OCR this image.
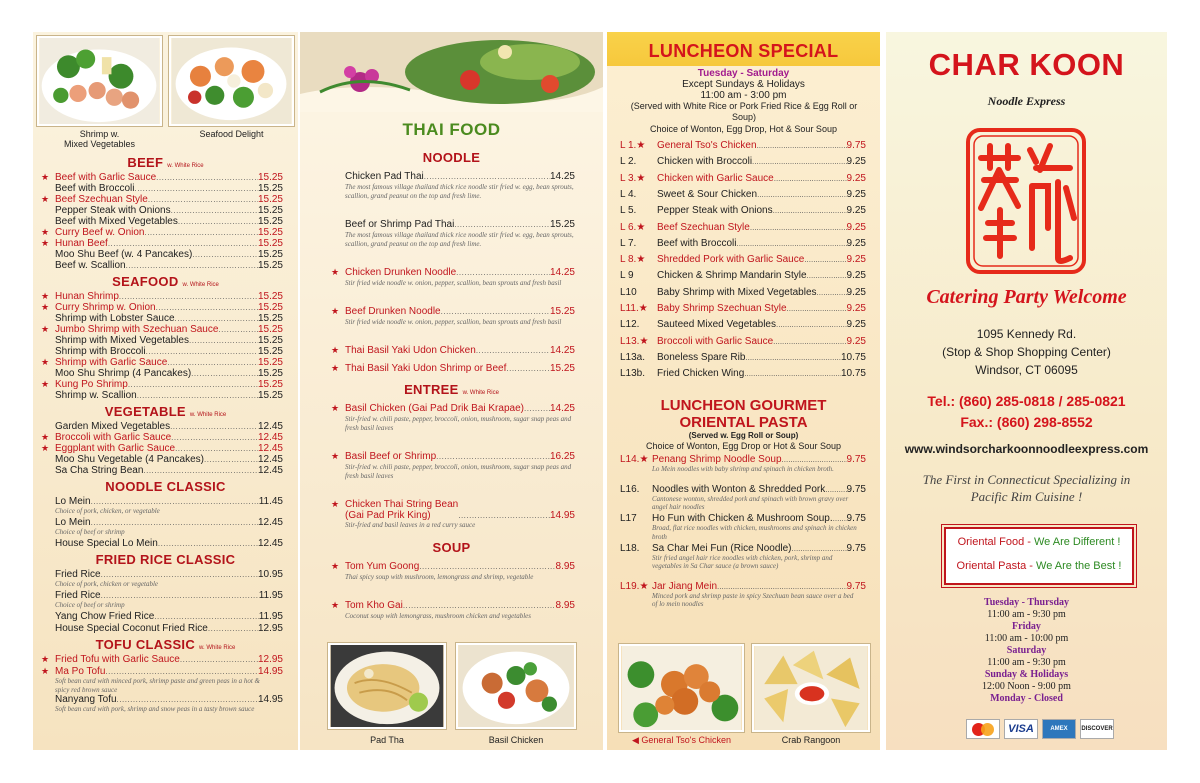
Shrimp w.
Mixed Vegetables
Seafood Delight
BEEF w. White Rice
★ Beef with Garlic Sauce .....	15.25
Beef with Broccoli .....	15.25
★ Beef Szechuan Style .....	15.25
Pepper Steak with Onions .....	15.25
Beef with Mixed Vegetables .....	15.25
★ Curry Beef w. Onion .....	15.25
★ Hunan Beef .....	15.25
Moo Shu Beef (w. 4 Pancakes) .....	15.25
Beef w. Scallion .....	15.25
SEAFOOD w. White Rice
★ Hunan Shrimp .....	15.25
★ Curry Shrimp w. Onion .....	15.25
Shrimp with Lobster Sauce .....	15.25
★ Jumbo Shrimp with Szechuan Sauce .....	15.25
Shrimp with Mixed Vegetables .....	15.25
Shrimp with Broccoli .....	15.25
★ Shrimp with Garlic Sauce .....	15.25
Moo Shu Shrimp (4 Pancakes) .....	15.25
★ Kung Po Shrimp .....	15.25
Shrimp w. Scallion .....	15.25
VEGETABLE w. White Rice
Garden Mixed Vegetables .....	12.45
★ Broccoli with Garlic Sauce .....	12.45
★ Eggplant with Garlic Sauce .....	12.45
Moo Shu Vegetable (4 Pancakes) .....	12.45
Sa Cha String Bean .....	12.45
NOODLE CLASSIC
Lo Mein .....	11.45
Choice of pork, chicken, or vegetable
Lo Mein .....	12.45
Choice of beef or shrimp
House Special Lo Mein .....	12.45
FRIED RICE CLASSIC
Fried Rice .....	10.95
Choice of pork, chicken or vegetable
Fried Rice .....	11.95
Choice of beef or shrimp
Yang Chow Fried Rice .....	11.95
House Special Coconut Fried Rice .....	12.95
TOFU CLASSIC w. White Rice
★ Fried Tofu with Garlic Sauce .....	12.95
★ Ma Po Tofu .....	14.95
Soft bean curd with minced pork, shrimp paste and green peas in a hot & spicy red brown sauce
Nanyang Tofu .....	14.95
Soft bean curd with pork, shrimp and snow peas in a tasty brown sauce
THAI FOOD
NOODLE
Chicken Pad Thai .....	14.25
The most famous village thailand thick rice noodle stir fried w. egg, bean sprouts, scallion, grand peanut on the top and fresh lime.
Beef or Shrimp Pad Thai .....	15.25
The most famous village thailand thick rice noodle stir fried w. egg, bean sprouts, scallion, grand peanut on the top and fresh lime.
★ Chicken Drunken Noodle .....	14.25
Stir fried wide noodle w. onion, pepper, scallion, bean sprouts and fresh basil
★ Beef Drunken Noodle .....	15.25
Stir fried wide noodle w. onion, pepper, scallion, bean sprouts and fresh basil
★ Thai Basil Yaki Udon Chicken .....	14.25
★ Thai Basil Yaki Udon Shrimp or Beef .....	15.25
ENTREE w. White Rice
★ Basil Chicken (Gai Pad Drik Bai Krapae) .....	14.25
Stir-fried w. chili paste, pepper, broccoli, onion, mushroom, sugar snap peas and fresh basil leaves
★ Basil Beef or Shrimp .....	16.25
Stir-fried w. chili paste, pepper, broccoli, onion, mushroom, sugar snap peas and fresh basil leaves
★ Chicken Thai String Bean
(Gai Pad Prik King) .....	14.95
Stir-fried and basil leaves in a red curry sauce
SOUP
★ Tom Yum Goong .....	8.95
Thai spicy soup with mushroom, lemongrass and shrimp, vegetable
★ Tom Kho Gai .....	8.95
Coconut soup with lemongrass, mushroom chicken and vegetables
Pad Tha	Basil Chicken
LUNCHEON SPECIAL
Tuesday - Saturday
Except Sundays & Holidays
11:00 am - 3:00 pm
(Served with White Rice or Pork Fried Rice & Egg Roll or Soup)
Choice of Wonton, Egg Drop, Hot & Sour Soup
L 1.★	General Tso's Chicken .....	9.75
L 2.	Chicken with Broccoli .....	9.25
L 3.★	Chicken with Garlic Sauce .....	9.25
L 4.	Sweet & Sour Chicken .....	9.25
L 5.	Pepper Steak with Onions .....	9.25
L 6.★	Beef Szechuan Style .....	9.25
L 7.	Beef with Broccoli .....	9.25
L 8.★	Shredded Pork with Garlic Sauce .....	9.25
L 9	Chicken & Shrimp Mandarin Style .....	9.25
L10	Baby Shrimp with Mixed Vegetables .....	9.25
L11.★ Baby Shrimp Szechuan Style .....	9.25
L12.	Sauteed Mixed Vegetables .....	9.25
L13.★ Broccoli with Garlic Sauce .....	9.25
L13a.	Boneless Spare Rib .....	10.75
L13b.	Fried Chicken Wing .....	10.75
LUNCHEON GOURMET
ORIENTAL PASTA
(Served w. Egg Roll or Soup)
Choice of Wonton, Egg Drop or Hot & Sour Soup
L14.★ Penang Shrimp Noodle Soup .....	9.75
Lo Mein noodles with baby shrimp and spinach in chicken broth.
L16.	Noodles with Wonton & Shredded Pork ..... 9.75
Cantonese wonton, shredded pork and spinach with brown gravy over angel hair noodles
L17	Ho Fun with Chicken & Mushroom Soup. ..... 9.75
Broad, flat rice noodles with chicken, mushrooms and spinach in chicken broth
L18.	Sa Char Mei Fun (Rice Noodle) .....	9.75
Stir fried angel hair rice noodles with chicken, pork, shrimp and vegetables in Sa Char sauce (a brown sauce)
L19.★ Jar Jiang Mein .....	9.75
Minced pork and shrimp paste in spicy Szechuan bean sauce over a bed of lo mein noodles
◀ General Tso's Chicken	Crab Rangoon
CHAR KOON
Noodle Express
Catering Party Welcome
1095 Kennedy Rd.
(Stop & Shop Shopping Center)
Windsor, CT 06095
Tel.: (860) 285-0818 / 285-0821
Fax.: (860) 298-8552
www.windsorcharkoonnoodleexpress.com
The First in Connecticut Specializing in Pacific Rim Cuisine !
Oriental Food - We Are Different !
Oriental Pasta - We Are the Best !
Tuesday - Thursday
11:00 am - 9:30 pm
Friday
11:00 am - 10:00 pm
Saturday
11:00 am - 9:30 pm
Sunday & Holidays
12:00 Noon - 9:00 pm
Monday - Closed
VISA	AMEX	DISCOVER
